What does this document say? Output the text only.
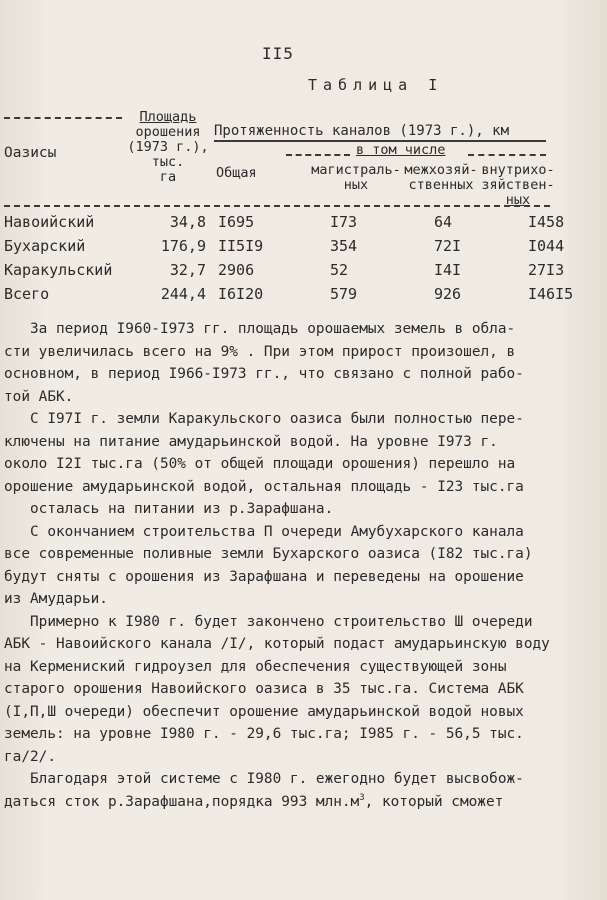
II5
Таблица I
Оазисы
Площадь
орошения
(1973 г.),
тыс.
га
Протяженность каналов (1973 г.), км
Общая
в том числе
магистраль-
ных
межхозяй-
ственных
внутрихо-
зяйствен-
ных
Навоийский	34,8	I695	I73	64	I458
Бухарский	176,9	II5I9	354	72I	I044
Каракульский	32,7	2906	52	I4I	27I3
Всего	244,4	I6I20	579	926	I46I5
За период I960-I973 гг. площадь орошаемых земель в обла-
сти увеличилась всего на 9% . При этом прирост произошел, в
основном, в период I966-I973 гг., что связано с полной рабо-
той АБК.
С I97I г. земли Каракульского оазиса были полностью пере-
ключены на питание амударьинской водой. На уровне I973 г.
около I2I тыс.га (50% от общей площади орошения) перешло на
орошение амударьинской водой, остальная площадь - I23 тыс.га
осталась на питании из р.Зарафшана.
С окончанием строительства П очереди Амубухарского канала
все современные поливные земли Бухарского оазиса (I82 тыс.га)
будут сняты с орошения из Зарафшана и переведены на орошение
из Амударьи.
Примерно к I980 г. будет закончено строительство Ш очереди
АБК - Навоийского канала /I/, который подаст амударьинскую воду
на Кермениский гидроузел для обеспечения существующей зоны
старого орошения Навоийского оазиса в 35 тыс.га. Система АБК
(I,П,Ш очереди) обеспечит орошение амударьинской водой новых
земель: на уровне I980 г. - 29,6 тыс.га; I985 г. - 56,5 тыс.
га/2/.
Благодаря этой системе с I980 г. ежегодно будет высвобож-
даться сток р.Зарафшана,порядка 993 $млн.м^3$, который сможет
